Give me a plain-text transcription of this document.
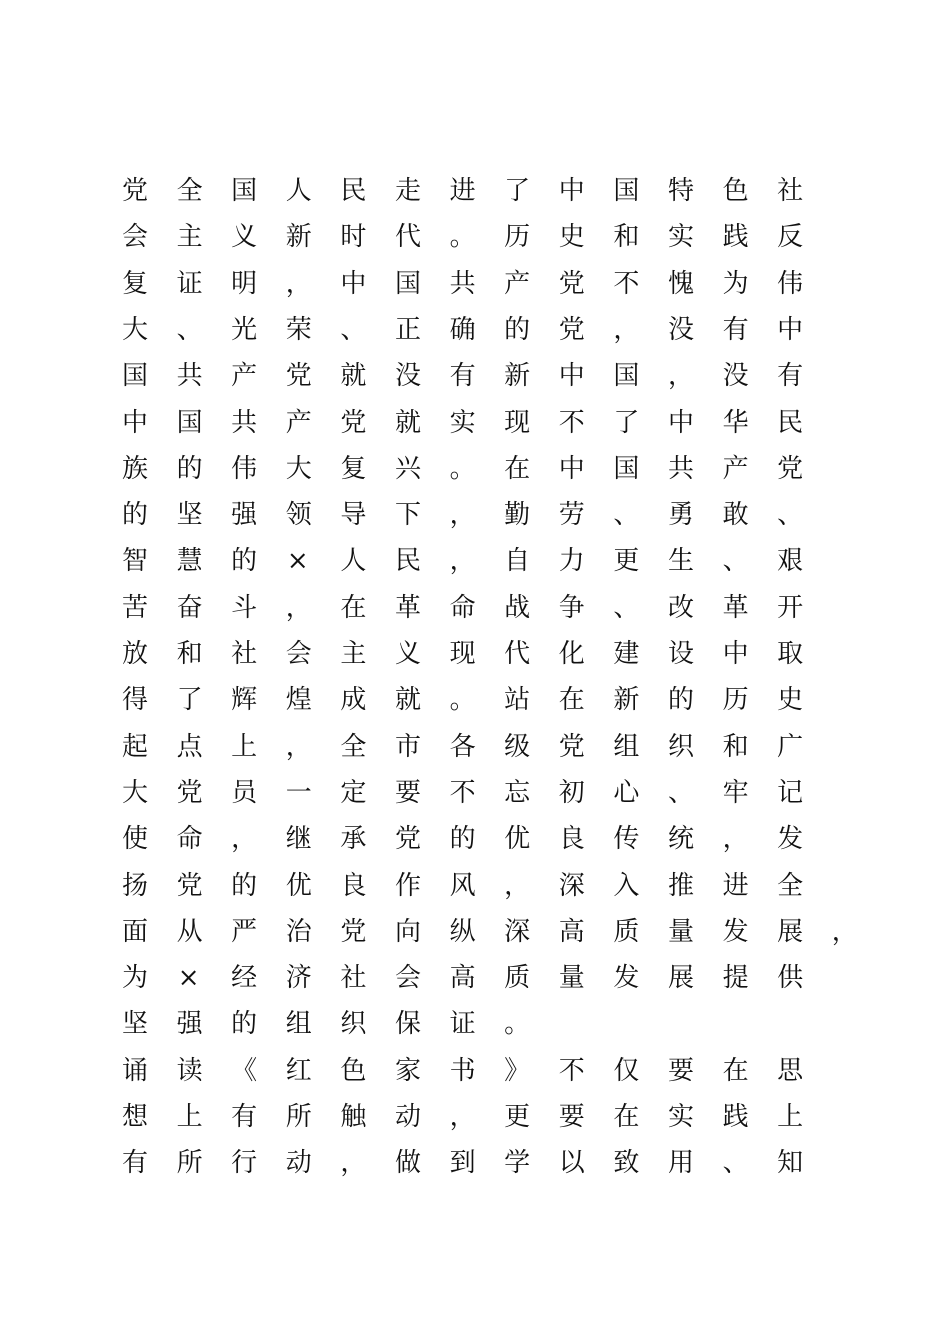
党	全	国	人	民	走	进	了	中	国	特	色	社
会	主	义	新	时	代	。	历	史	和	实	践	反
复	证	明	，	中	国	共	产	党	不	愧	为	伟
大	、	光	荣	、	正	确	的	党	，	没	有	中
国	共	产	党	就	没	有	新	中	国	，	没	有
中	国	共	产	党	就	实	现	不	了	中	华	民
族	的	伟	大	复	兴	。	在	中	国	共	产	党
的	坚	强	领	导	下	，	勤	劳	、	勇	敢	、
智	慧	的	×	人	民	，	自	力	更	生	、	艰
苦	奋	斗	，	在	革	命	战	争	、	改	革	开
放	和	社	会	主	义	现	代	化	建	设	中	取
得	了	辉	煌	成	就	。	站	在	新	的	历	史
起	点	上	，	全	市	各	级	党	组	织	和	广
大	党	员	一	定	要	不	忘	初	心	、	牢	记
使	命	，	继	承	党	的	优	良	传	统	，	发
扬	党	的	优	良	作	风	，	深	入	推	进	全
面	从	严	治	党	向	纵	深	高	质	量	发	展	，
为	×	经	济	社	会	高	质	量	发	展	提	供
坚	强	的	组	织	保	证	。
诵	读	《	红	色	家	书	》	不	仅	要	在	思
想	上	有	所	触	动	，	更	要	在	实	践	上
有	所	行	动	，	做	到	学	以	致	用	、	知
